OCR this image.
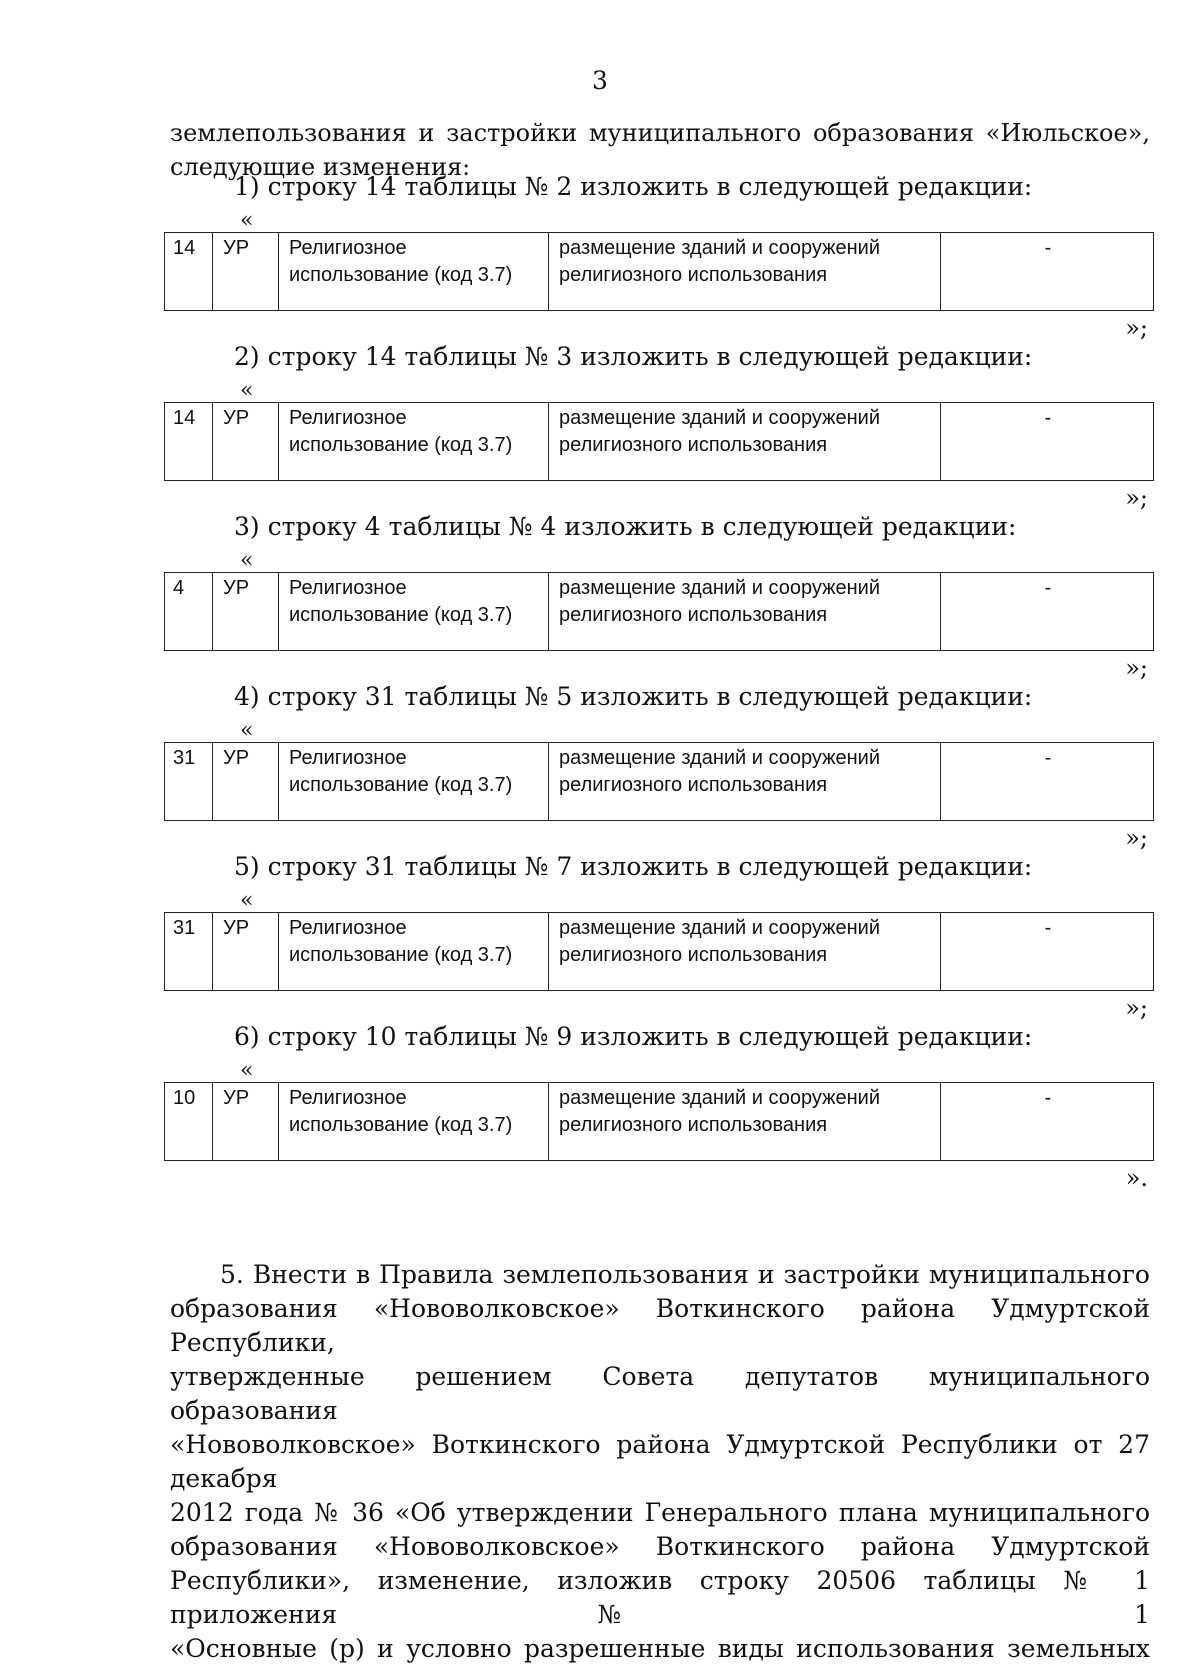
3
землепользования и застройки муниципального образования «Июльское»,
следующие изменения:
1) строку 14 таблицы № 2 изложить в следующей редакции:
«
14	УР	Религиозное использование (код 3.7)	размещение зданий и сооружений религиозного использования	-
»;
2) строку 14 таблицы № 3 изложить в следующей редакции:
«
14	УР	Религиозное использование (код 3.7)	размещение зданий и сооружений религиозного использования	-
»;
3) строку 4 таблицы № 4 изложить в следующей редакции:
«
4	УР	Религиозное использование (код 3.7)	размещение зданий и сооружений религиозного использования	-
»;
4) строку 31 таблицы № 5 изложить в следующей редакции:
«
31	УР	Религиозное использование (код 3.7)	размещение зданий и сооружений религиозного использования	-
»;
5) строку 31 таблицы № 7 изложить в следующей редакции:
«
31	УР	Религиозное использование (код 3.7)	размещение зданий и сооружений религиозного использования	-
»;
6) строку 10 таблицы № 9 изложить в следующей редакции:
«
10	УР	Религиозное использование (код 3.7)	размещение зданий и сооружений религиозного использования	-
».
5. Внести в Правила землепользования и застройки муниципального
образования «Нововолковское» Воткинского района Удмуртской Республики,
утвержденные решением Совета депутатов муниципального образования
«Нововолковское» Воткинского района Удмуртской Республики от 27 декабря
2012 года № 36 «Об утверждении Генерального плана муниципального
образования «Нововолковское» Воткинского района Удмуртской
Республики», изменение, изложив строку 20506 таблицы № 1 приложения № 1
«Основные (р) и условно разрешенные виды использования земельных
